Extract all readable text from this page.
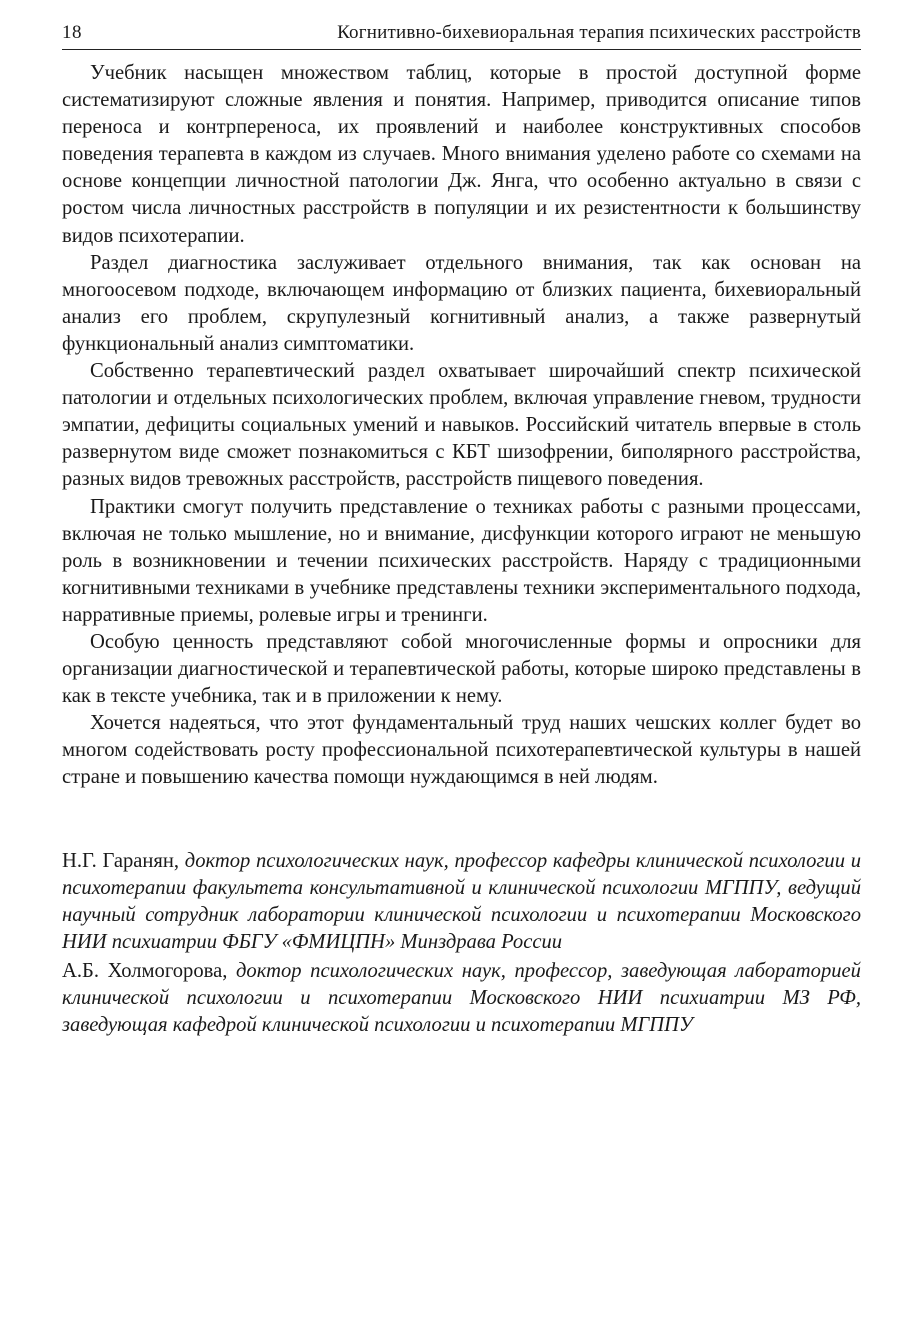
18	Когнитивно-бихевиоральная терапия психических расстройств

Учебник насыщен множеством таблиц, которые в простой доступной форме систематизируют сложные явления и понятия. Например, приводится описание типов переноса и контрпереноса, их проявлений и наиболее конструктивных способов поведения терапевта в каждом из случаев. Много внимания уделено работе со схемами на основе концепции личностной патологии Дж. Янга, что особенно актуально в связи с ростом числа личностных расстройств в популяции и их резистентности к большинству видов психотерапии.

Раздел диагностика заслуживает отдельного внимания, так как основан на многоосевом подходе, включающем информацию от близких пациента, бихевиоральный анализ его проблем, скрупулезный когнитивный анализ, а также развернутый функциональный анализ симптоматики.

Собственно терапевтический раздел охватывает широчайший спектр психической патологии и отдельных психологических проблем, включая управление гневом, трудности эмпатии, дефициты социальных умений и навыков. Российский читатель впервые в столь развернутом виде сможет познакомиться с КБТ шизофрении, биполярного расстройства, разных видов тревожных расстройств, расстройств пищевого поведения.

Практики смогут получить представление о техниках работы с разными процессами, включая не только мышление, но и внимание, дисфункции которого играют не меньшую роль в возникновении и течении психических расстройств. Наряду с традиционными когнитивными техниками в учебнике представлены техники экспериментального подхода, нарративные приемы, ролевые игры и тренинги.

Особую ценность представляют собой многочисленные формы и опросники для организации диагностической и терапевтической работы, которые широко представлены в как в тексте учебника, так и в приложении к нему.

Хочется надеяться, что этот фундаментальный труд наших чешских коллег будет во многом содействовать росту профессиональной психотерапевтической культуры в нашей стране и повышению качества помощи нуждающимся в ней людям.

Н.Г. Гаранян, доктор психологических наук, профессор кафедры клинической психологии и психотерапии факультета консультативной и клинической психологии МГППУ, ведущий научный сотрудник лаборатории клинической психологии и психотерапии Московского НИИ психиатрии ФБГУ «ФМИЦПН» Минздрава России

А.Б. Холмогорова, доктор психологических наук, профессор, заведующая лабораторией клинической психологии и психотерапии Московского НИИ психиатрии МЗ РФ, заведующая кафедрой клинической психологии и психотерапии МГППУ
